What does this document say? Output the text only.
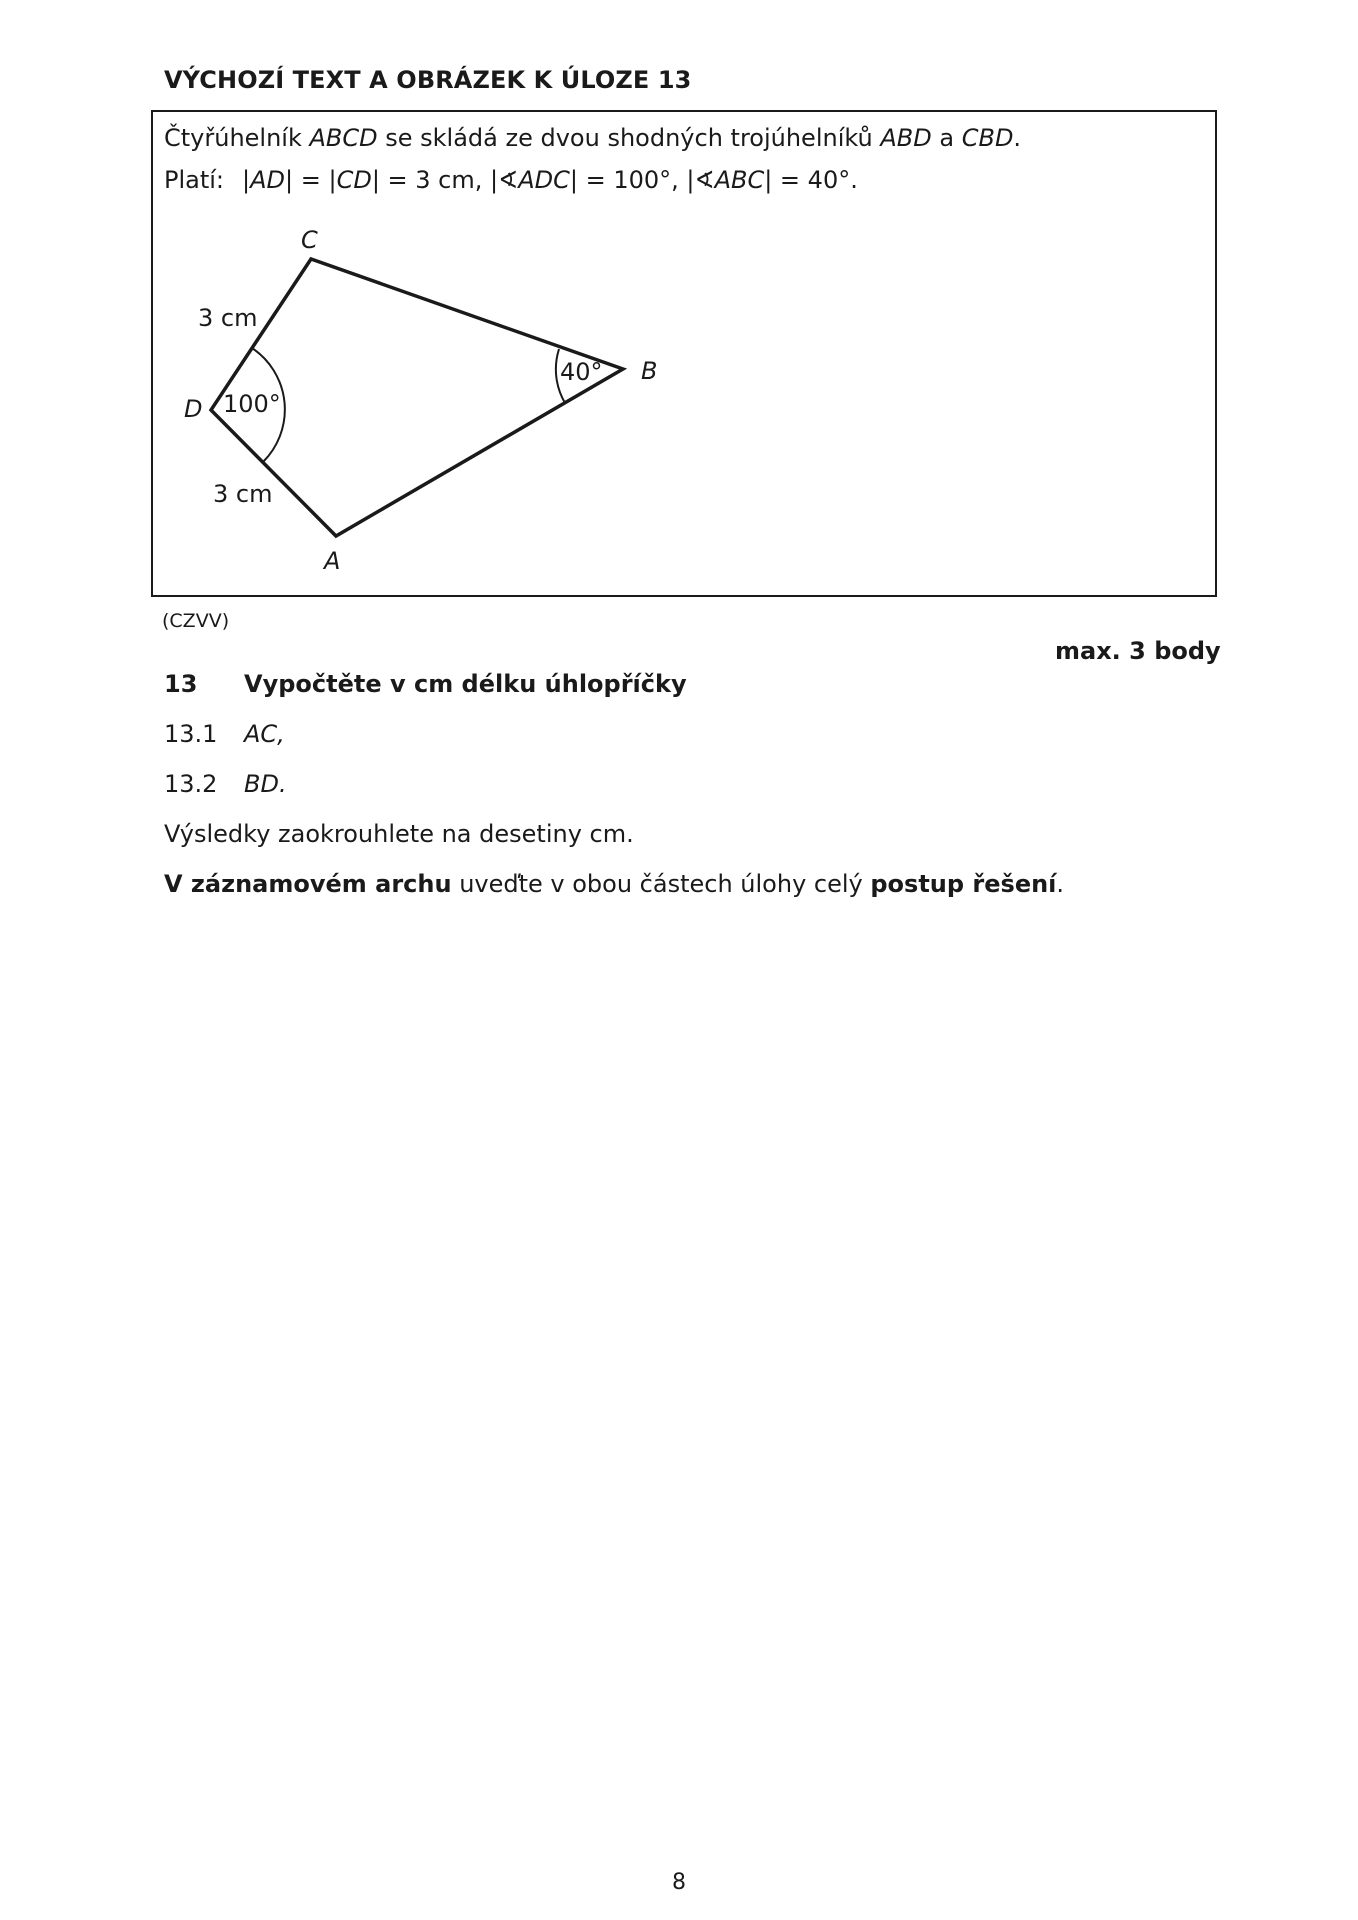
VÝCHOZÍ TEXT A OBRÁZEK K ÚLOZE 13
Čtyřúhelník ABCD se skládá ze dvou shodných trojúhelníků ABD a CBD.
Platí: |AD| = |CD| = 3 cm, |∢ADC| = 100°, |∢ABC| = 40°.
C
B
D
A
3 cm
3 cm
100°
40°
(CZVV)
max. 3 body
13 Vypočtěte v cm délku úhlopříčky
13.1 AC,
13.2 BD.
Výsledky zaokrouhlete na desetiny cm.
V záznamovém archu uveďte v obou částech úlohy celý postup řešení.
8
